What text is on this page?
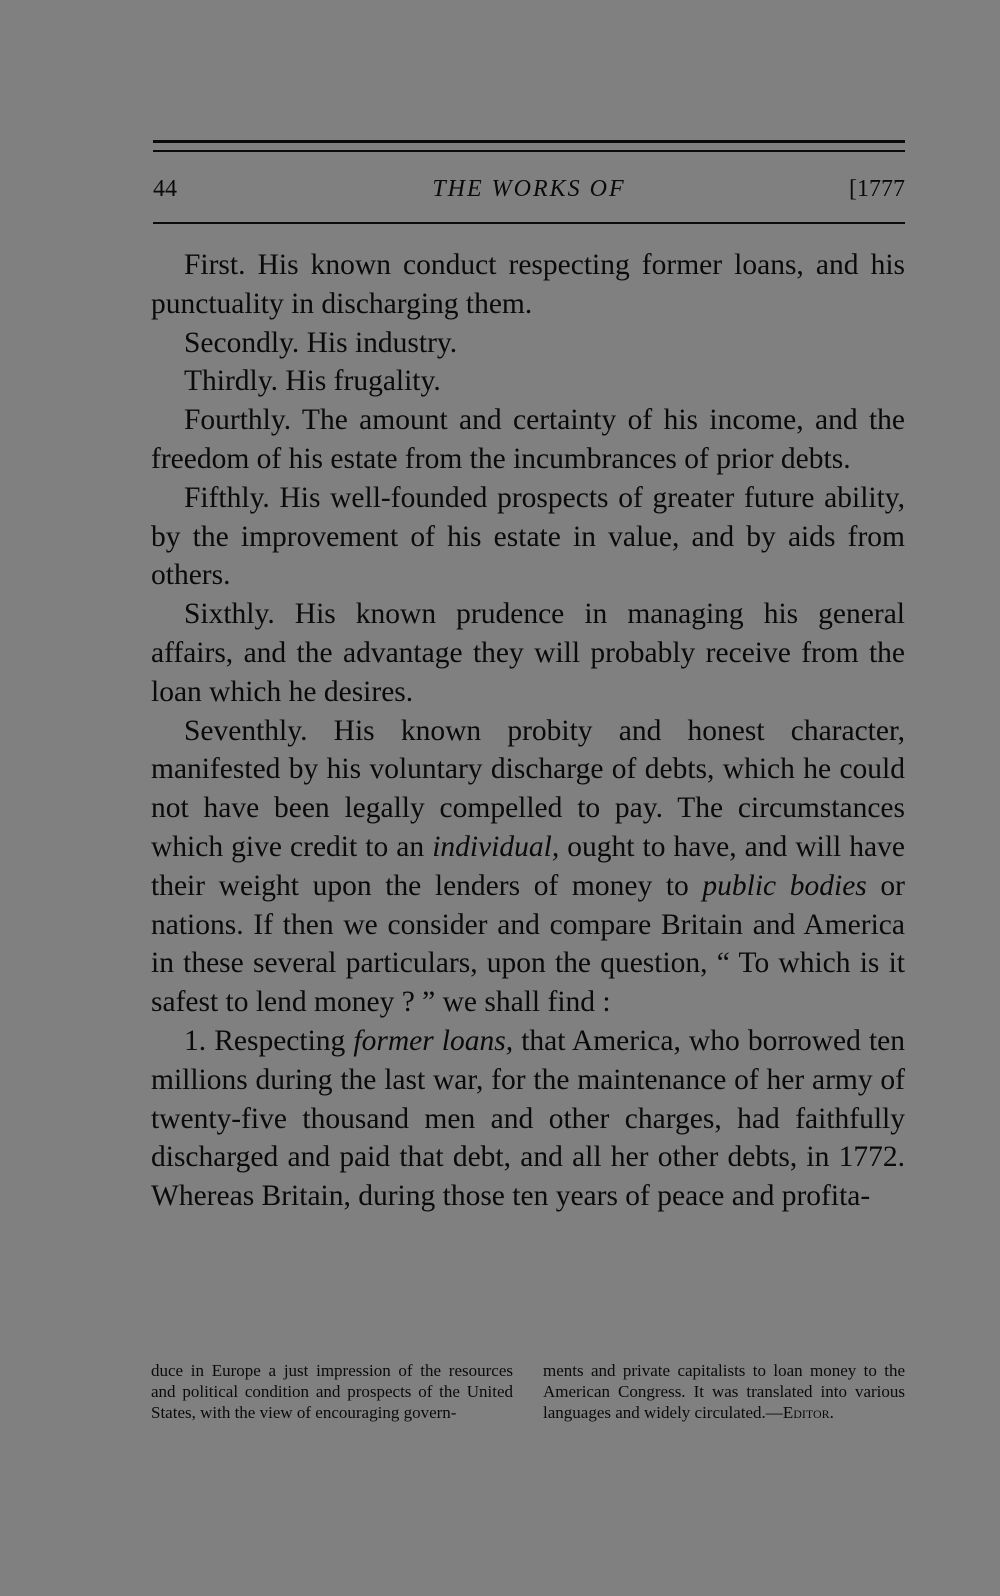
44	THE WORKS OF	[1777

First. His known conduct respecting former loans, and his punctuality in discharging them.

Secondly. His industry.

Thirdly. His frugality.

Fourthly. The amount and certainty of his income, and the freedom of his estate from the incumbrances of prior debts.

Fifthly. His well-founded prospects of greater future ability, by the improvement of his estate in value, and by aids from others.

Sixthly. His known prudence in managing his general affairs, and the advantage they will probably receive from the loan which he desires.

Seventhly. His known probity and honest character, manifested by his voluntary discharge of debts, which he could not have been legally compelled to pay. The circumstances which give credit to an individual, ought to have, and will have their weight upon the lenders of money to public bodies or nations. If then we consider and compare Britain and America in these several particulars, upon the question, “ To which is it safest to lend money ? ” we shall find :

1. Respecting former loans, that America, who borrowed ten millions during the last war, for the maintenance of her army of twenty-five thousand men and other charges, had faithfully discharged and paid that debt, and all her other debts, in 1772. Whereas Britain, during those ten years of peace and profita-

duce in Europe a just impression of the resources and political condition and prospects of the United States, with the view of encouraging govern-

ments and private capitalists to loan money to the American Congress. It was translated into various languages and widely circulated.—Editor.
